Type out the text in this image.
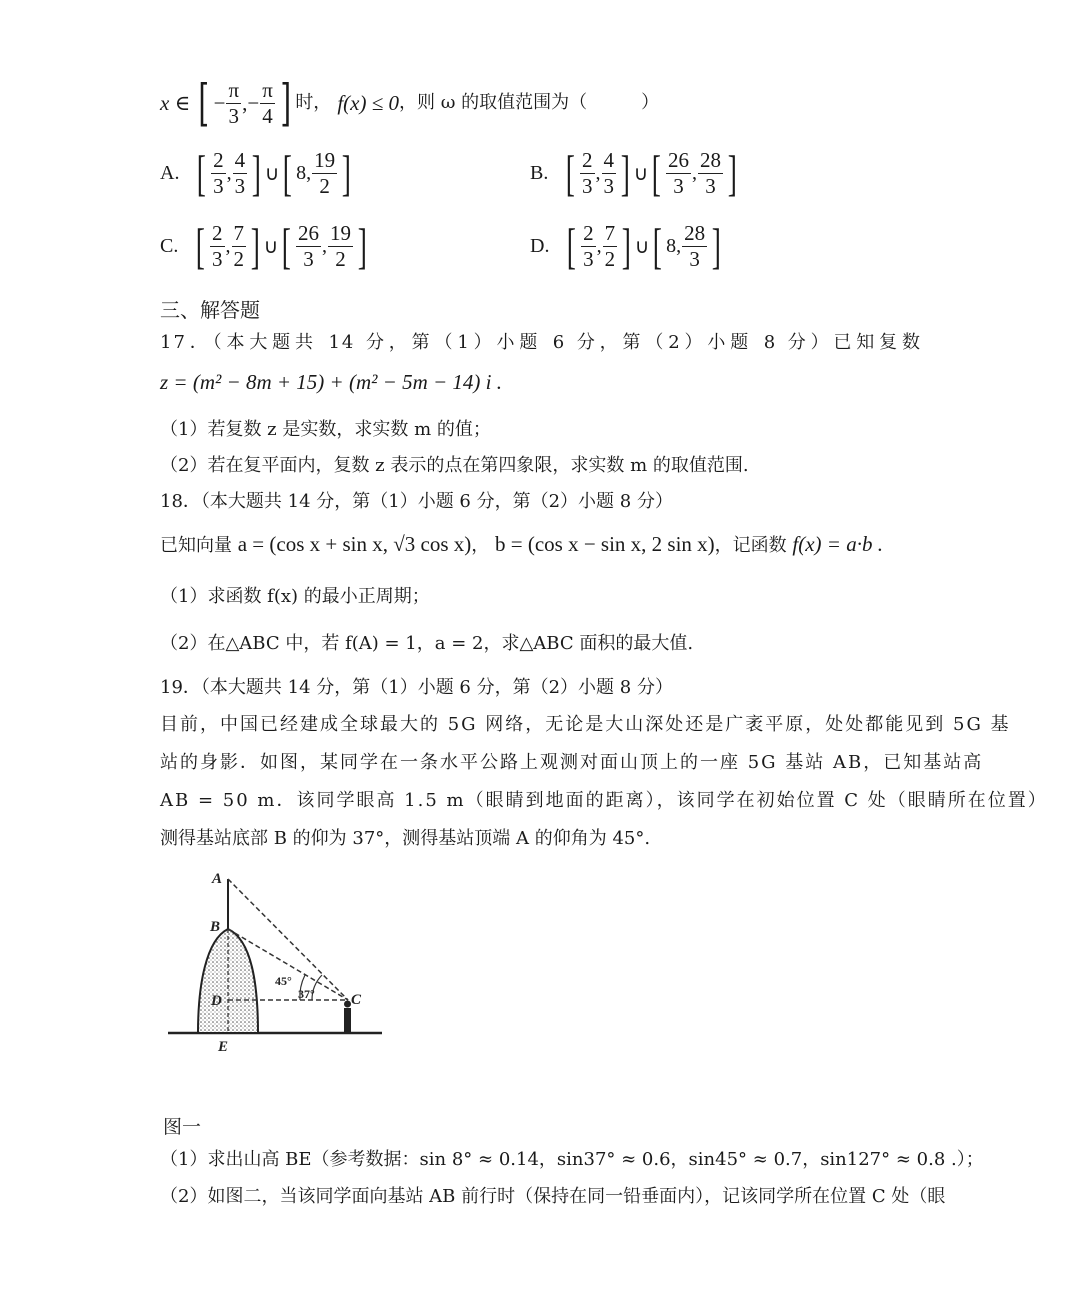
x ∈ [ − $\frac{\pi}{3}$ , − $\frac{\pi}{4}$ ] 时， f(x) ≤ 0 ，则 ω 的取值范围为（　　　）
A. [ $\frac{2}{3}$ , $\frac{4}{3}$ ] ∪ [ 8 , $\frac{19}{2}$ ]	B. [ $\frac{2}{3}$ , $\frac{4}{3}$ ] ∪ [ $\frac{26}{3}$ , $\frac{28}{3}$ ]
C. [ $\frac{2}{3}$ , $\frac{7}{2}$ ] ∪ [ $\frac{26}{3}$ , $\frac{19}{2}$ ]	D. [ $\frac{2}{3}$ , $\frac{7}{2}$ ] ∪ [ 8 , $\frac{28}{3}$ ]
三、解答题
17．（本大题共 14 分，第（1）小题 6 分，第（2）小题 8 分）已知复数
z = (m² − 8m + 15) + (m² − 5m − 14) i .
（1）若复数 z 是实数，求实数 m 的值；
（2）若在复平面内，复数 z 表示的点在第四象限，求实数 m 的取值范围.
18．（本大题共 14 分，第（1）小题 6 分，第（2）小题 8 分）
已知向量 a = (cos x + sin x, √3 cos x)， b = (cos x − sin x, 2 sin x)，记函数 f(x) = a·b .
（1）求函数 f(x) 的最小正周期；
（2）在△ABC 中，若 f(A) = 1，a = 2，求△ABC 面积的最大值.
19．（本大题共 14 分，第（1）小题 6 分，第（2）小题 8 分）
目前，中国已经建成全球最大的 5G 网络，无论是大山深处还是广袤平原，处处都能见到 5G 基
站的身影．如图，某同学在一条水平公路上观测对面山顶上的一座 5G 基站 AB，已知基站高
AB = 50 m．该同学眼高 1.5 m（眼睛到地面的距离），该同学在初始位置 C 处（眼睛所在位置）
测得基站底部 B 的仰为 37°，测得基站顶端 A 的仰角为 45°.
A
B
D
E
C
45°
37°
图一
（1）求出山高 BE（参考数据：sin 8° ≈ 0.14，sin37° ≈ 0.6，sin45° ≈ 0.7，sin127° ≈ 0.8 .）；
（2）如图二，当该同学面向基站 AB 前行时（保持在同一铅垂面内），记该同学所在位置 C 处（眼
